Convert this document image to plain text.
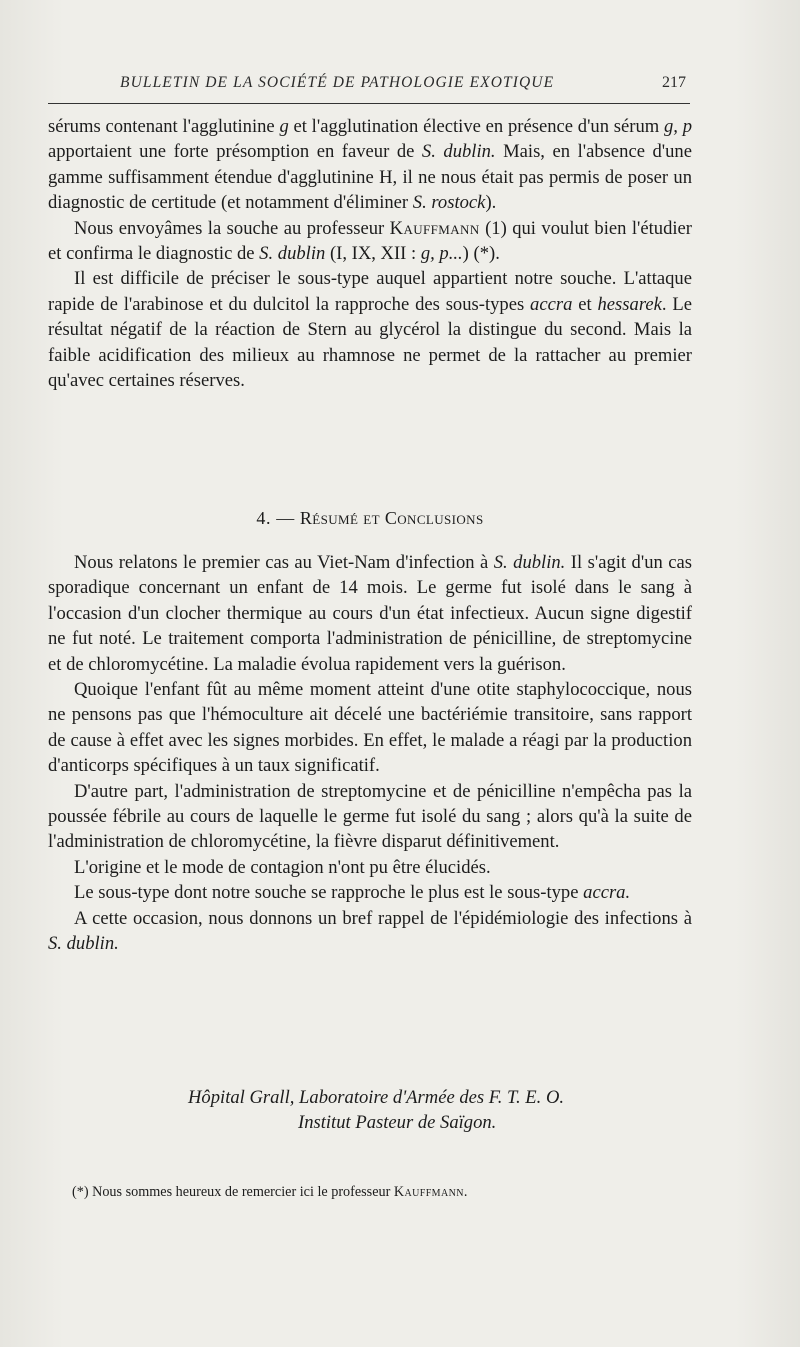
BULLETIN DE LA SOCIÉTÉ DE PATHOLOGIE EXOTIQUE	217

sérums contenant l'agglutinine g et l'agglutination élective en présence d'un sérum g, p apportaient une forte présomption en faveur de S. dublin. Mais, en l'absence d'une gamme suffisamment étendue d'agglutinine H, il ne nous était pas permis de poser un diagnostic de certitude (et notamment d'éliminer S. rostock).

Nous envoyâmes la souche au professeur Kauffmann (1) qui voulut bien l'étudier et confirma le diagnostic de S. dublin (I, IX, XII : g, p...) (*).

Il est difficile de préciser le sous-type auquel appartient notre souche. L'attaque rapide de l'arabinose et du dulcitol la rapproche des sous-types accra et hessarek. Le résultat négatif de la réaction de Stern au glycérol la distingue du second. Mais la faible acidification des milieux au rhamnose ne permet de la rattacher au premier qu'avec certaines réserves.

4. — Résumé et Conclusions

Nous relatons le premier cas au Viet-Nam d'infection à S. dublin. Il s'agit d'un cas sporadique concernant un enfant de 14 mois. Le germe fut isolé dans le sang à l'occasion d'un clocher thermique au cours d'un état infectieux. Aucun signe digestif ne fut noté. Le traitement comporta l'administration de pénicilline, de streptomycine et de chloromycétine. La maladie évolua rapidement vers la guérison.

Quoique l'enfant fût au même moment atteint d'une otite staphylococcique, nous ne pensons pas que l'hémoculture ait décelé une bactériémie transitoire, sans rapport de cause à effet avec les signes morbides. En effet, le malade a réagi par la production d'anticorps spécifiques à un taux significatif.

D'autre part, l'administration de streptomycine et de pénicilline n'empêcha pas la poussée fébrile au cours de laquelle le germe fut isolé du sang ; alors qu'à la suite de l'administration de chloromycétine, la fièvre disparut définitivement.

L'origine et le mode de contagion n'ont pu être élucidés.

Le sous-type dont notre souche se rapproche le plus est le sous-type accra.

A cette occasion, nous donnons un bref rappel de l'épidémiologie des infections à S. dublin.

Hôpital Grall, Laboratoire d'Armée des F. T. E. O.
Institut Pasteur de Saïgon.
(*) Nous sommes heureux de remercier ici le professeur Kauffmann.
